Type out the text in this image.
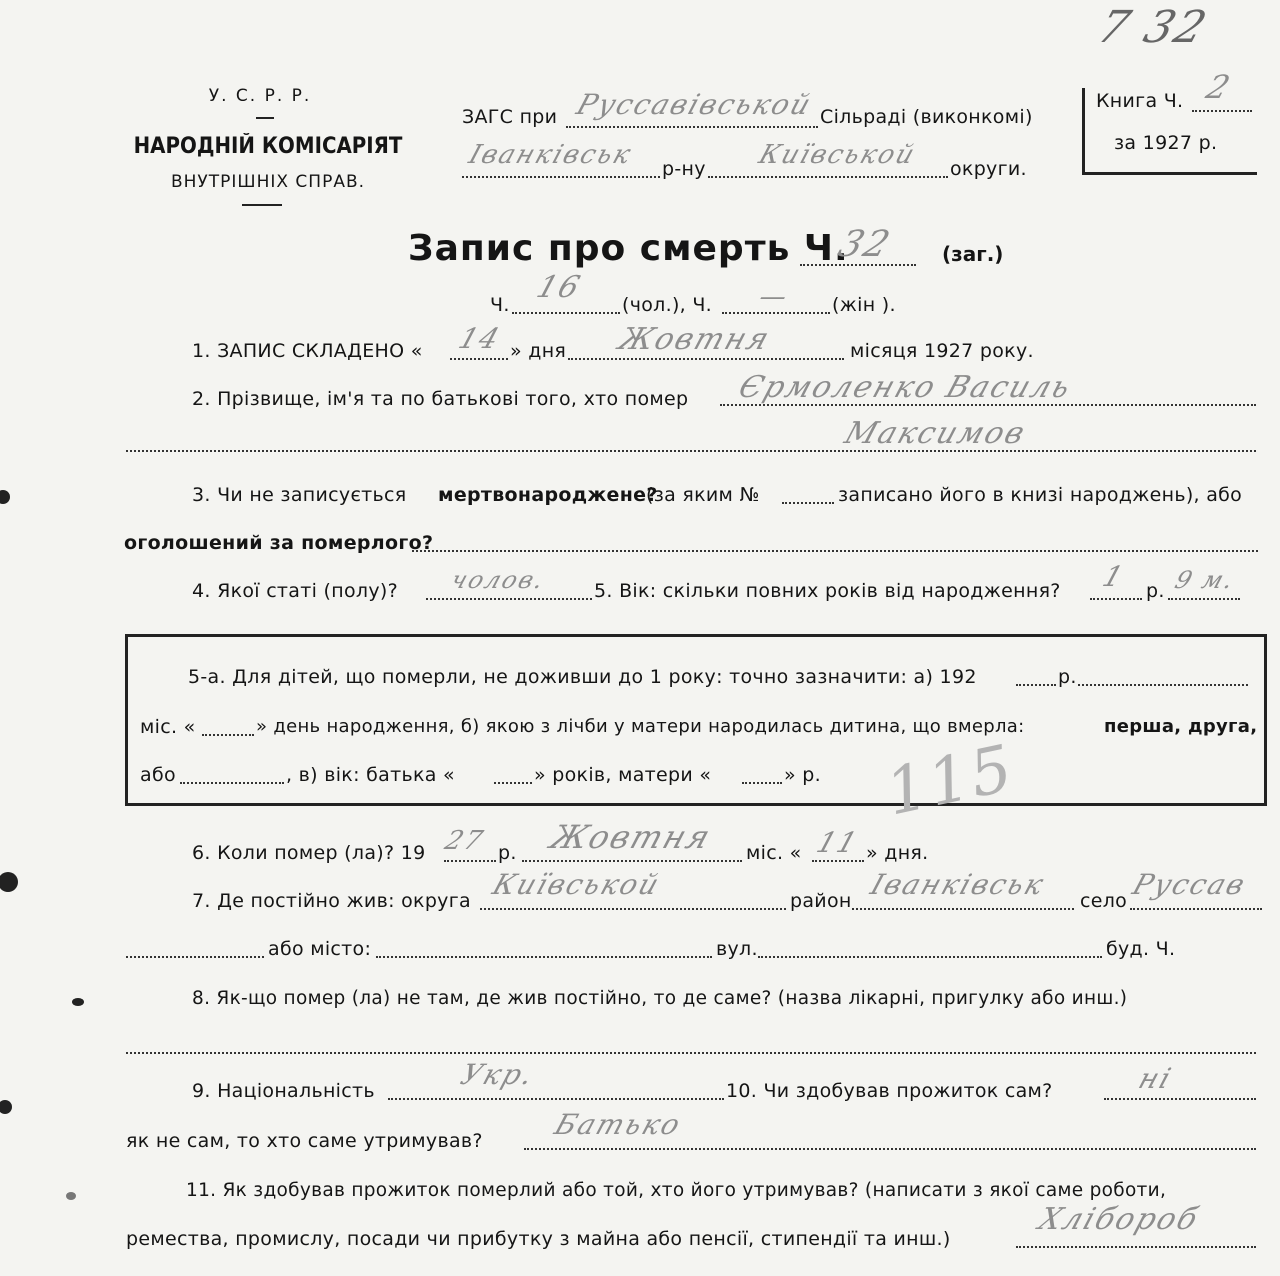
7 32
У. С. Р. Р.
НАРОДНІЙ КОМІСАРІЯТ
ВНУТРІШНІХ СПРАВ.
ЗАГС при Руссавівськой Сільраді (виконкомі)
Іванківськ р-ну Київськой округи.
Книга Ч. 2
за 1927 р.
Запис про смерть Ч.
32 (заг.)
Ч. 16 (чол.), Ч. — (жін ).
1. ЗАПИС СКЛАДЕНО « 14 » дня Жовтня	місяця 1927 року.
2. Прізвище, ім'я та по батькові того, хто помер Єрмоленко Василь
Максимов
3. Чи не записується мертвонароджене?
(за яким №	записано його в книзі народжень), або
оголошений за померлого?
4. Якої статі (полу)? чолов. 5. Вік: скільки повних років від народження? 1 р. 9 м.
5-а. Для дітей, що померли, не доживши до 1 року: точно зазначити: а) 192	р.
міс. «	» день народження, б) якою з лічби у матери народилась дитина, що вмерла:	перша, друга,
або	, в) вік: батька «	» років, матери «	» р. 115
6. Коли помер (ла)? 19 27 р. Жовтня міс. « 11 » дня.
7. Де постійно жив: округа Київськой	район Іванківськ село Руссав
або місто:	вул.	буд. Ч.
8. Як-що помер (ла) не там, де жив постійно, то де саме? (назва лікарні, пригулку або инш.)
9. Національність	Укр.	10. Чи здобував прожиток сам?	ні
як не сам, то хто саме утримував? Батько
11. Як здобував прожиток померлий або той, хто його утримував? (написати з якої саме роботи,
ремества, промислу, посади чи прибутку з майна або пенсії, стипендії та инш.)
Хлібороб
